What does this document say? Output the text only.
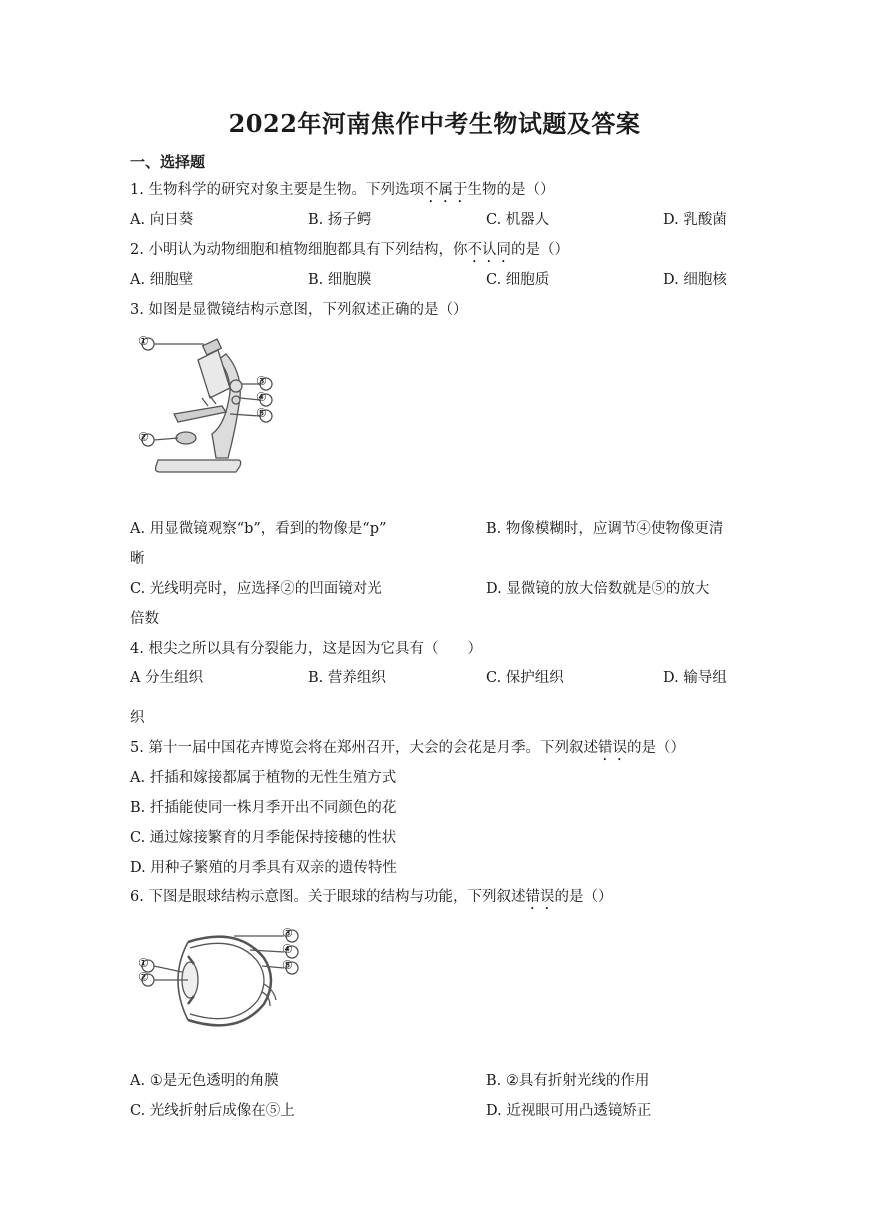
2022年河南焦作中考生物试题及答案
一、选择题
1. 生物科学的研究对象主要是生物。下列选项不属于生物的是（）
A. 向日葵	B. 扬子鳄	C. 机器人	D. 乳酸菌
2. 小明认为动物细胞和植物细胞都具有下列结构，你不认同的是（）
A. 细胞壁	B. 细胞膜	C. 细胞质	D. 细胞核
3. 如图是显微镜结构示意图，下列叙述正确的是（）
①
②
③
④
⑤
A. 用显微镜观察“b”，看到的物像是“p”	B. 物像模糊时，应调节④使物像更清
晰
C. 光线明亮时，应选择②的凹面镜对光	D. 显微镜的放大倍数就是⑤的放大
倍数
4. 根尖之所以具有分裂能力，这是因为它具有（　　）
A 分生组织	B. 营养组织	C. 保护组织	D. 输导组
织
5. 第十一届中国花卉博览会将在郑州召开，大会的会花是月季。下列叙述错误的是（）
A. 扦插和嫁接都属于植物的无性生殖方式
B. 扦插能使同一株月季开出不同颜色的花
C. 通过嫁接繁育的月季能保持接穗的性状
D. 用种子繁殖的月季具有双亲的遗传特性
6. 下图是眼球结构示意图。关于眼球的结构与功能，下列叙述错误的是（）
①
②
③
④
⑤
A. ①是无色透明的角膜	B. ②具有折射光线的作用
C. 光线折射后成像在⑤上	D. 近视眼可用凸透镜矫正
